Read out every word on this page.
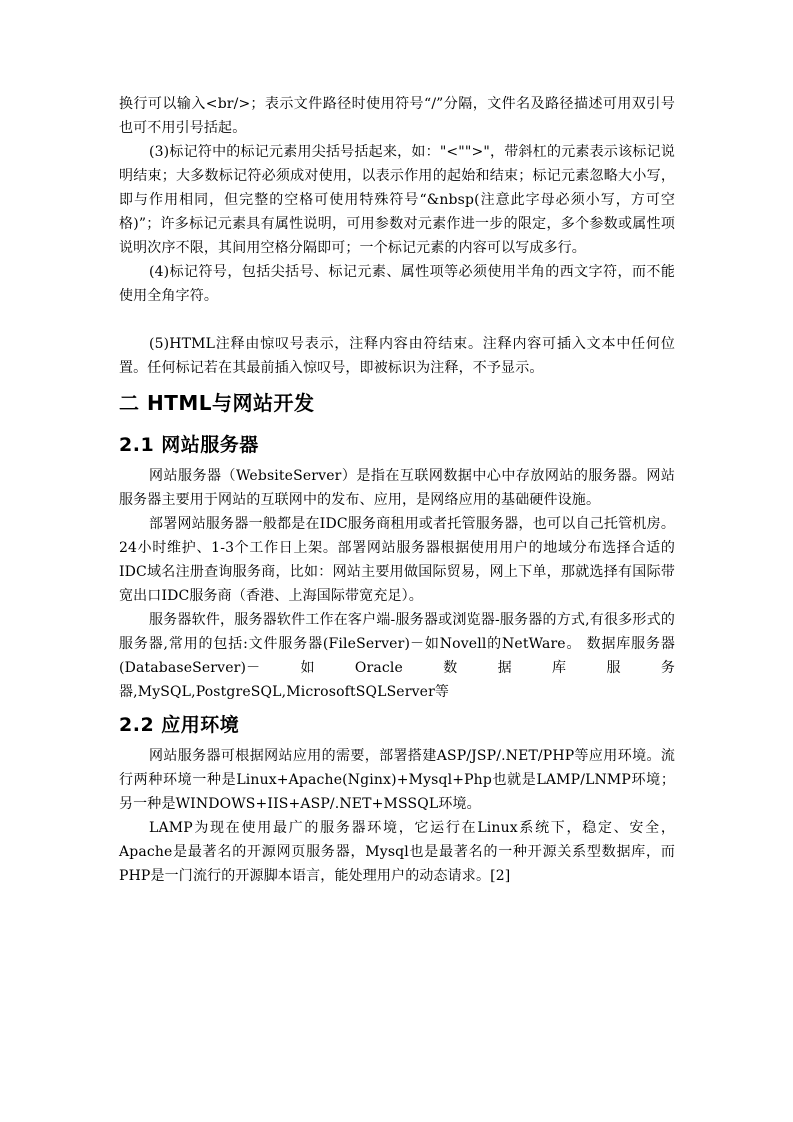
换行可以输入<br/>；表示文件路径时使用符号“/”分隔，文件名及路径描述可用双引号也可不用引号括起。

(3)标记符中的标记元素用尖括号括起来，如："<"">"，带斜杠的元素表示该标记说明结束；大多数标记符必须成对使用，以表示作用的起始和结束；标记元素忽略大小写，即与作用相同，但完整的空格可使用特殊符号“&nbsp(注意此字母必须小写，方可空格)”；许多标记元素具有属性说明，可用参数对元素作进一步的限定，多个参数或属性项说明次序不限，其间用空格分隔即可；一个标记元素的内容可以写成多行。

(4)标记符号，包括尖括号、标记元素、属性项等必须使用半角的西文字符，而不能使用全角字符。

(5)HTML注释由惊叹号表示，注释内容由符结束。注释内容可插入文本中任何位置。任何标记若在其最前插入惊叹号，即被标识为注释，不予显示。

二 HTML与网站开发
2.1 网站服务器

网站服务器（WebsiteServer）是指在互联网数据中心中存放网站的服务器。网站服务器主要用于网站的互联网中的发布、应用，是网络应用的基础硬件设施。

部署网站服务器一般都是在IDC服务商租用或者托管服务器，也可以自己托管机房。24小时维护、1-3个工作日上架。部署网站服务器根据使用用户的地域分布选择合适的IDC域名注册查询服务商，比如：网站主要用做国际贸易，网上下单，那就选择有国际带宽出口IDC服务商（香港、上海国际带宽充足）。

服务器软件，服务器软件工作在客户端-服务器或浏览器-服务器的方式,有很多形式的服务器,常用的包括:文件服务器(FileServer)－如Novell的NetWare。 数据库服务器(DatabaseServer)－如Oracle数据库服务器,MySQL,PostgreSQL,MicrosoftSQLServer等

2.2 应用环境

网站服务器可根据网站应用的需要，部署搭建ASP/JSP/.NET/PHP等应用环境。流行两种环境一种是Linux+Apache(Nginx)+Mysql+Php也就是LAMP/LNMP环境；另一种是WINDOWS+IIS+ASP/.NET+MSSQL环境。

LAMP为现在使用最广的服务器环境，它运行在Linux系统下，稳定、安全，Apache是最著名的开源网页服务器，Mysql也是最著名的一种开源关系型数据库，而PHP是一门流行的开源脚本语言，能处理用户的动态请求。[2]
